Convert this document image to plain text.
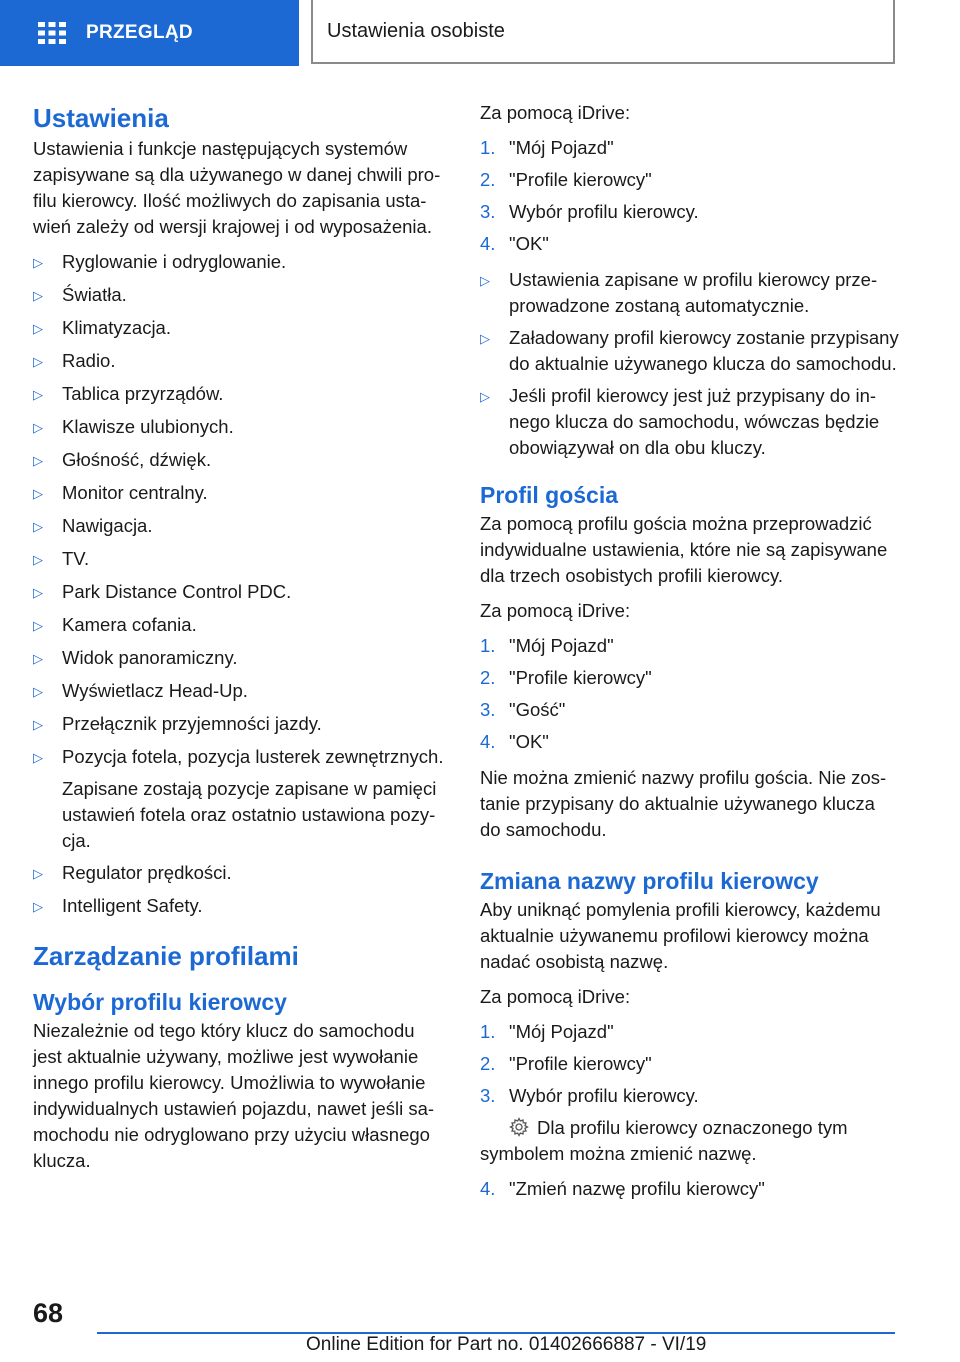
PRZEGLĄD	Ustawienia osobiste
Ustawienia

Ustawienia i funkcje następujących systemów zapisywane są dla używanego w danej chwili profilu kierowcy. Ilość możliwych do zapisania ustawień zależy od wersji krajowej i od wyposażenia.

▷	Ryglowanie i odryglowanie.
▷	Światła.
▷	Klimatyzacja.
▷	Radio.
▷	Tablica przyrządów.
▷	Klawisze ulubionych.
▷	Głośność, dźwięk.
▷	Monitor centralny.
▷	Nawigacja.
▷	TV.
▷	Park Distance Control PDC.
▷	Kamera cofania.
▷	Widok panoramiczny.
▷	Wyświetlacz Head-Up.
▷	Przełącznik przyjemności jazdy.
▷	Pozycja fotela, pozycja lusterek zewnętrznych.
Zapisane zostają pozycje zapisane w pamięci ustawień fotela oraz ostatnio ustawiona pozycja.
▷	Regulator prędkości.
▷	Intelligent Safety.
Zarządzanie profilami
Wybór profilu kierowcy

Niezależnie od tego który klucz do samochodu jest aktualnie używany, możliwe jest wywołanie innego profilu kierowcy. Umożliwia to wywołanie indywidualnych ustawień pojazdu, nawet jeśli samochodu nie odryglowano przy użyciu własnego klucza.

Za pomocą iDrive:

1. "Mój Pojazd"
2. "Profile kierowcy"
3. Wybór profilu kierowcy.
4. "OK"
▷	Ustawienia zapisane w profilu kierowcy przeprowadzone zostaną automatycznie.
▷	Załadowany profil kierowcy zostanie przypisany do aktualnie używanego klucza do samochodu.
▷	Jeśli profil kierowcy jest już przypisany do innego klucza do samochodu, wówczas będzie obowiązywał on dla obu kluczy.
Profil gościa

Za pomocą profilu gościa można przeprowadzić indywidualne ustawienia, które nie są zapisywane dla trzech osobistych profili kierowcy.

Za pomocą iDrive:

1. "Mój Pojazd"
2. "Profile kierowcy"
3. "Gość"
4. "OK"

Nie można zmienić nazwy profilu gościa. Nie zostanie przypisany do aktualnie używanego klucza do samochodu.

Zmiana nazwy profilu kierowcy

Aby uniknąć pomylenia profili kierowcy, każdemu aktualnie używanemu profilowi kierowcy można nadać osobistą nazwę.

Za pomocą iDrive:

1. "Mój Pojazd"
2. "Profile kierowcy"
3. Wybór profilu kierowcy.

Dla profilu kierowcy oznaczonego tym symbolem można zmienić nazwę.

4. "Zmień nazwę profilu kierowcy"
68
Online Edition for Part no. 01402666887 - VI/19
